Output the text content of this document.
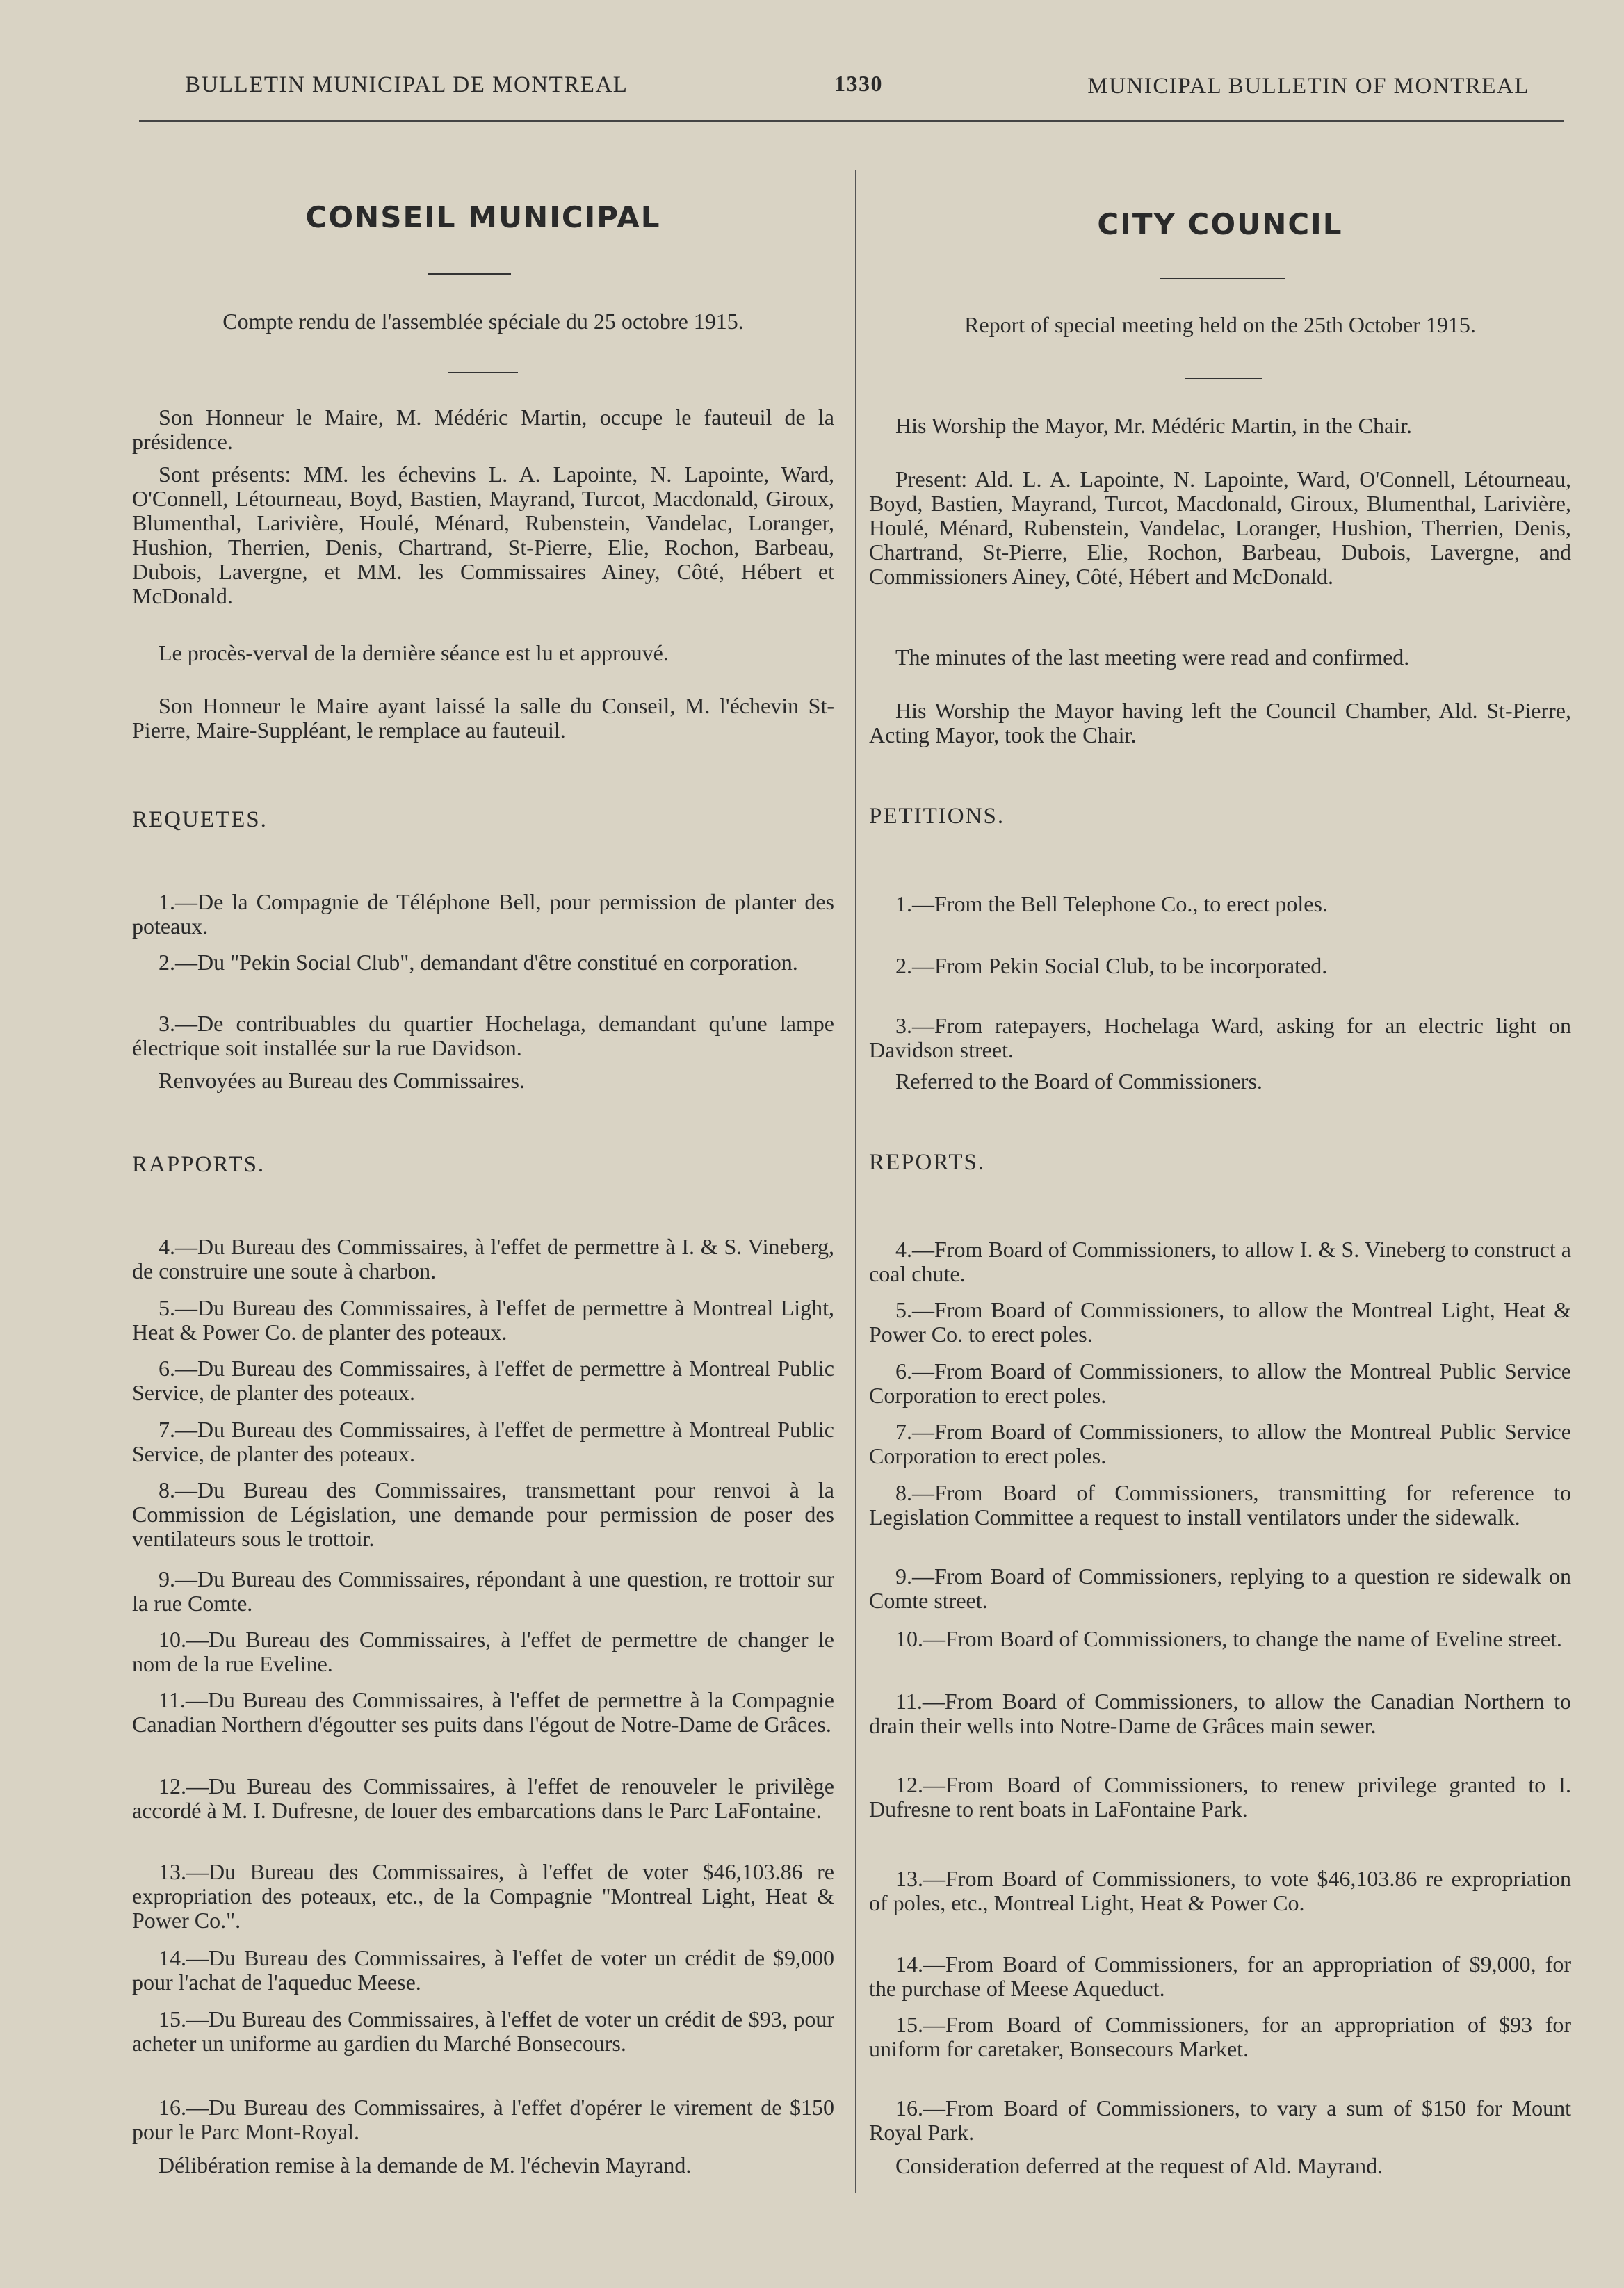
BULLETIN MUNICIPAL DE MONTREAL	1330	MUNICIPAL BULLETIN OF MONTREAL
CONSEIL MUNICIPAL
Compte rendu de l'assemblée spéciale du 25 octobre 1915.

Son Honneur le Maire, M. Médéric Martin, occupe le fauteuil de la présidence.

Sont présents: MM. les échevins L. A. Lapointe, N. Lapointe, Ward, O'Connell, Létourneau, Boyd, Bastien, Mayrand, Turcot, Macdonald, Giroux, Blumenthal, Larivière, Houlé, Ménard, Rubenstein, Vandelac, Loranger, Hushion, Therrien, Denis, Chartrand, St-Pierre, Elie, Rochon, Barbeau, Dubois, Lavergne, et MM. les Commissaires Ainey, Côté, Hébert et McDonald.

Le procès-verval de la dernière séance est lu et approuvé.

Son Honneur le Maire ayant laissé la salle du Conseil, M. l'échevin St-Pierre, Maire-Suppléant, le remplace au fauteuil.

REQUETES.

1.—De la Compagnie de Téléphone Bell, pour permission de planter des poteaux.

2.—Du "Pekin Social Club", demandant d'être constitué en corporation.

3.—De contribuables du quartier Hochelaga, demandant qu'une lampe électrique soit installée sur la rue Davidson.

Renvoyées au Bureau des Commissaires.

RAPPORTS.

4.—Du Bureau des Commissaires, à l'effet de permettre à I. & S. Vineberg, de construire une soute à charbon.

5.—Du Bureau des Commissaires, à l'effet de permettre à Montreal Light, Heat & Power Co. de planter des poteaux.

6.—Du Bureau des Commissaires, à l'effet de permettre à Montreal Public Service, de planter des poteaux.

7.—Du Bureau des Commissaires, à l'effet de permettre à Montreal Public Service, de planter des poteaux.

8.—Du Bureau des Commissaires, transmettant pour renvoi à la Commission de Législation, une demande pour permission de poser des ventilateurs sous le trottoir.

9.—Du Bureau des Commissaires, répondant à une question, re trottoir sur la rue Comte.

10.—Du Bureau des Commissaires, à l'effet de permettre de changer le nom de la rue Eveline.

11.—Du Bureau des Commissaires, à l'effet de permettre à la Compagnie Canadian Northern d'égoutter ses puits dans l'égout de Notre-Dame de Grâces.

12.—Du Bureau des Commissaires, à l'effet de renouveler le privilège accordé à M. I. Dufresne, de louer des embarcations dans le Parc LaFontaine.

13.—Du Bureau des Commissaires, à l'effet de voter $46,103.86 re expropriation des poteaux, etc., de la Compagnie "Montreal Light, Heat & Power Co.".

14.—Du Bureau des Commissaires, à l'effet de voter un crédit de $9,000 pour l'achat de l'aqueduc Meese.

15.—Du Bureau des Commissaires, à l'effet de voter un crédit de $93, pour acheter un uniforme au gardien du Marché Bonsecours.

16.—Du Bureau des Commissaires, à l'effet d'opérer le virement de $150 pour le Parc Mont-Royal.

Délibération remise à la demande de M. l'échevin Mayrand.

CITY COUNCIL
Report of special meeting held on the 25th October 1915.

His Worship the Mayor, Mr. Médéric Martin, in the Chair.

Present: Ald. L. A. Lapointe, N. Lapointe, Ward, O'Connell, Létourneau, Boyd, Bastien, Mayrand, Turcot, Macdonald, Giroux, Blumenthal, Larivière, Houlé, Ménard, Rubenstein, Vandelac, Loranger, Hushion, Therrien, Denis, Chartrand, St-Pierre, Elie, Rochon, Barbeau, Dubois, Lavergne, and Commissioners Ainey, Côté, Hébert and McDonald.

The minutes of the last meeting were read and confirmed.

His Worship the Mayor having left the Council Chamber, Ald. St-Pierre, Acting Mayor, took the Chair.

PETITIONS.

1.—From the Bell Telephone Co., to erect poles.

2.—From Pekin Social Club, to be incorporated.

3.—From ratepayers, Hochelaga Ward, asking for an electric light on Davidson street.

Referred to the Board of Commissioners.

REPORTS.

4.—From Board of Commissioners, to allow I. & S. Vineberg to construct a coal chute.

5.—From Board of Commissioners, to allow the Montreal Light, Heat & Power Co. to erect poles.

6.—From Board of Commissioners, to allow the Montreal Public Service Corporation to erect poles.

7.—From Board of Commissioners, to allow the Montreal Public Service Corporation to erect poles.

8.—From Board of Commissioners, transmitting for reference to Legislation Committee a request to install ventilators under the sidewalk.

9.—From Board of Commissioners, replying to a question re sidewalk on Comte street.

10.—From Board of Commissioners, to change the name of Eveline street.

11.—From Board of Commissioners, to allow the Canadian Northern to drain their wells into Notre-Dame de Grâces main sewer.

12.—From Board of Commissioners, to renew privilege granted to I. Dufresne to rent boats in LaFontaine Park.

13.—From Board of Commissioners, to vote $46,103.86 re expropriation of poles, etc., Montreal Light, Heat & Power Co.

14.—From Board of Commissioners, for an appropriation of $9,000, for the purchase of Meese Aqueduct.

15.—From Board of Commissioners, for an appropriation of $93 for uniform for caretaker, Bonsecours Market.

16.—From Board of Commissioners, to vary a sum of $150 for Mount Royal Park.

Consideration deferred at the request of Ald. Mayrand.
